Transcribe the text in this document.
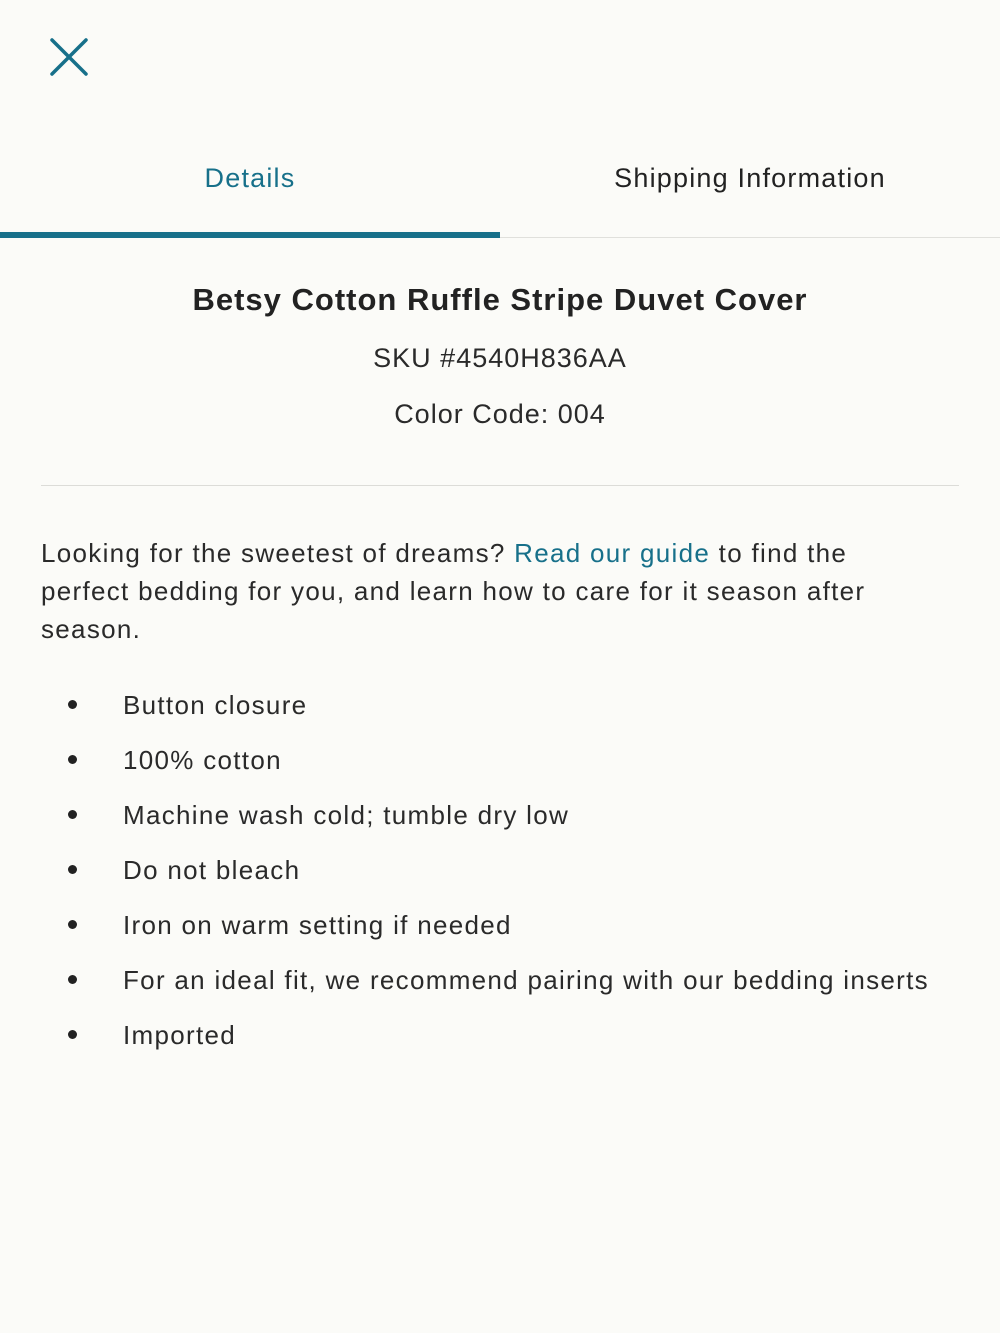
Details	Shipping Information
Betsy Cotton Ruffle Stripe Duvet Cover
SKU #4540H836AA
Color Code: 004

Looking for the sweetest of dreams? Read our guide to find the perfect bedding for you, and learn how to care for it season after season.

Button closure
100% cotton
Machine wash cold; tumble dry low
Do not bleach
Iron on warm setting if needed
For an ideal fit, we recommend pairing with our bedding inserts
Imported
